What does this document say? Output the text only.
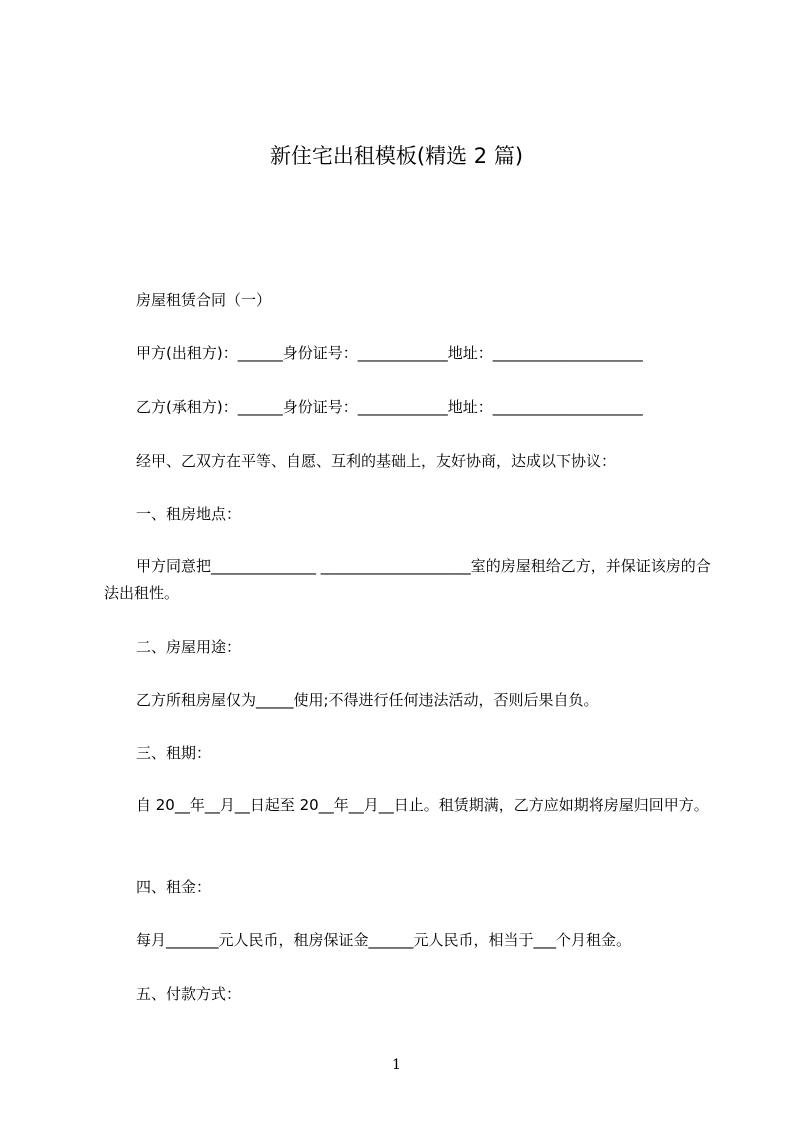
新住宅出租模板(精选 2 篇)
房屋租赁合同（一）
甲方(出租方)：______身份证号：____________地址：____________________
乙方(承租方)：______身份证号：____________地址：____________________
经甲、乙双方在平等、自愿、互利的基础上，友好协商，达成以下协议：
一、租房地点：
甲方同意把______________ ____________________室的房屋租给乙方，并保证该房的合法出租性。
二、房屋用途：
乙方所租房屋仅为_____使用;不得进行任何违法活动，否则后果自负。
三、租期：
自 20__年__月__日起至 20__年__月__日止。租赁期满，乙方应如期将房屋归回甲方。
四、租金：
每月_______元人民币，租房保证金______元人民币，相当于___个月租金。
五、付款方式：
1
